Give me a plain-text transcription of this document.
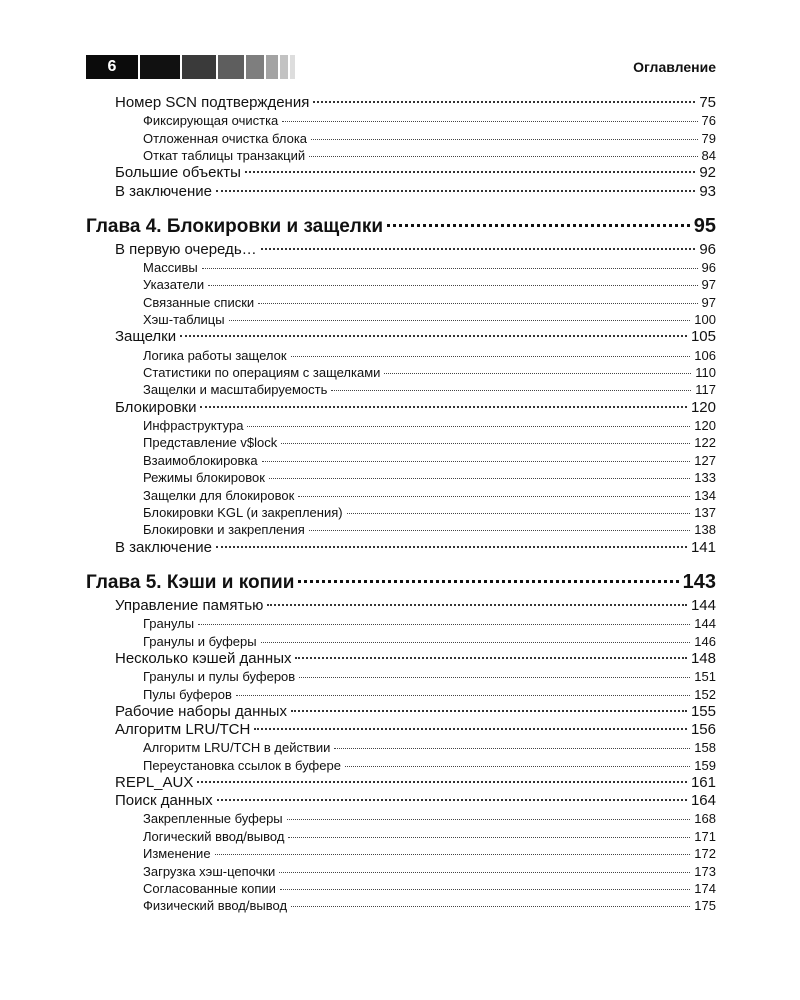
6	Оглавление
Номер SCN подтверждения	75
Фиксирующая очистка	76
Отложенная очистка блока	79
Откат таблицы транзакций	84
Большие объекты	92
В заключение	93
Глава 4. Блокировки и защелки	95
В первую очередь…	96
Массивы	96
Указатели	97
Связанные списки	97
Хэш-таблицы	100
Защелки	105
Логика работы защелок	106
Статистики по операциям с защелками	110
Защелки и масштабируемость	117
Блокировки	120
Инфраструктура	120
Представление v$lock	122
Взаимоблокировка	127
Режимы блокировок	133
Защелки для блокировок	134
Блокировки KGL (и закрепления)	137
Блокировки и закрепления	138
В заключение	141
Глава 5. Кэши и копии	143
Управление памятью	144
Гранулы	144
Гранулы и буферы	146
Несколько кэшей данных	148
Гранулы и пулы буферов	151
Пулы буферов	152
Рабочие наборы данных	155
Алгоритм LRU/TCH	156
Алгоритм LRU/TCH в действии	158
Переустановка ссылок в буфере	159
REPL_AUX	161
Поиск данных	164
Закрепленные буферы	168
Логический ввод/вывод	171
Изменение	172
Загрузка хэш-цепочки	173
Согласованные копии	174
Физический ввод/вывод	175
